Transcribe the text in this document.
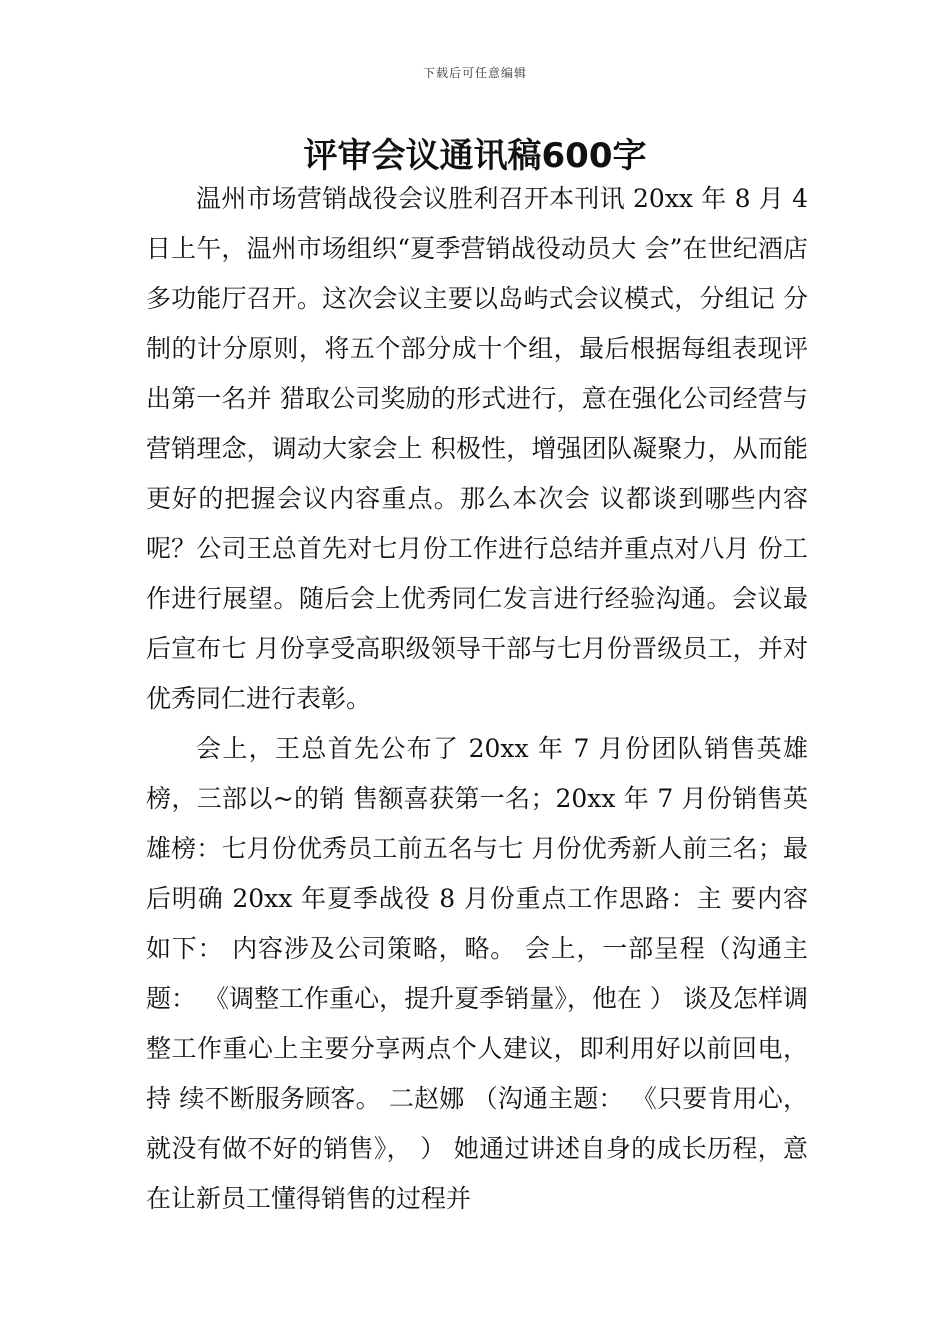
下载后可任意编辑
评审会议通讯稿600字

温州市场营销战役会议胜利召开本刊讯 20xx 年 8 月 4 日上午，温州市场组织“夏季营销战役动员大 会”在世纪酒店多功能厅召开。这次会议主要以岛屿式会议模式，分组记 分制的计分原则，将五个部分成十个组，最后根据每组表现评出第一名并 猎取公司奖励的形式进行，意在强化公司经营与营销理念，调动大家会上 积极性，增强团队凝聚力，从而能更好的把握会议内容重点。那么本次会 议都谈到哪些内容呢？公司王总首先对七月份工作进行总结并重点对八月 份工作进行展望。随后会上优秀同仁发言进行经验沟通。会议最后宣布七 月份享受高职级领导干部与七月份晋级员工，并对优秀同仁进行表彰。

会上，王总首先公布了 20xx 年 7 月份团队销售英雄榜，三部以~的销 售额喜获第一名；20xx 年 7 月份销售英雄榜：七月份优秀员工前五名与七 月份优秀新人前三名；最后明确 20xx 年夏季战役 8 月份重点工作思路：主 要内容如下： 内容涉及公司策略，略。 会上，一部呈程（沟通主题： 《调整工作重心，提升夏季销量》，他在 ） 谈及怎样调整工作重心上主要分享两点个人建议，即利用好以前回电，持 续不断服务顾客。 二赵娜 （沟通主题： 《只要肯用心， 就没有做不好的销售》， ） 她通过讲述自身的成长历程，意在让新员工懂得销售的过程并
